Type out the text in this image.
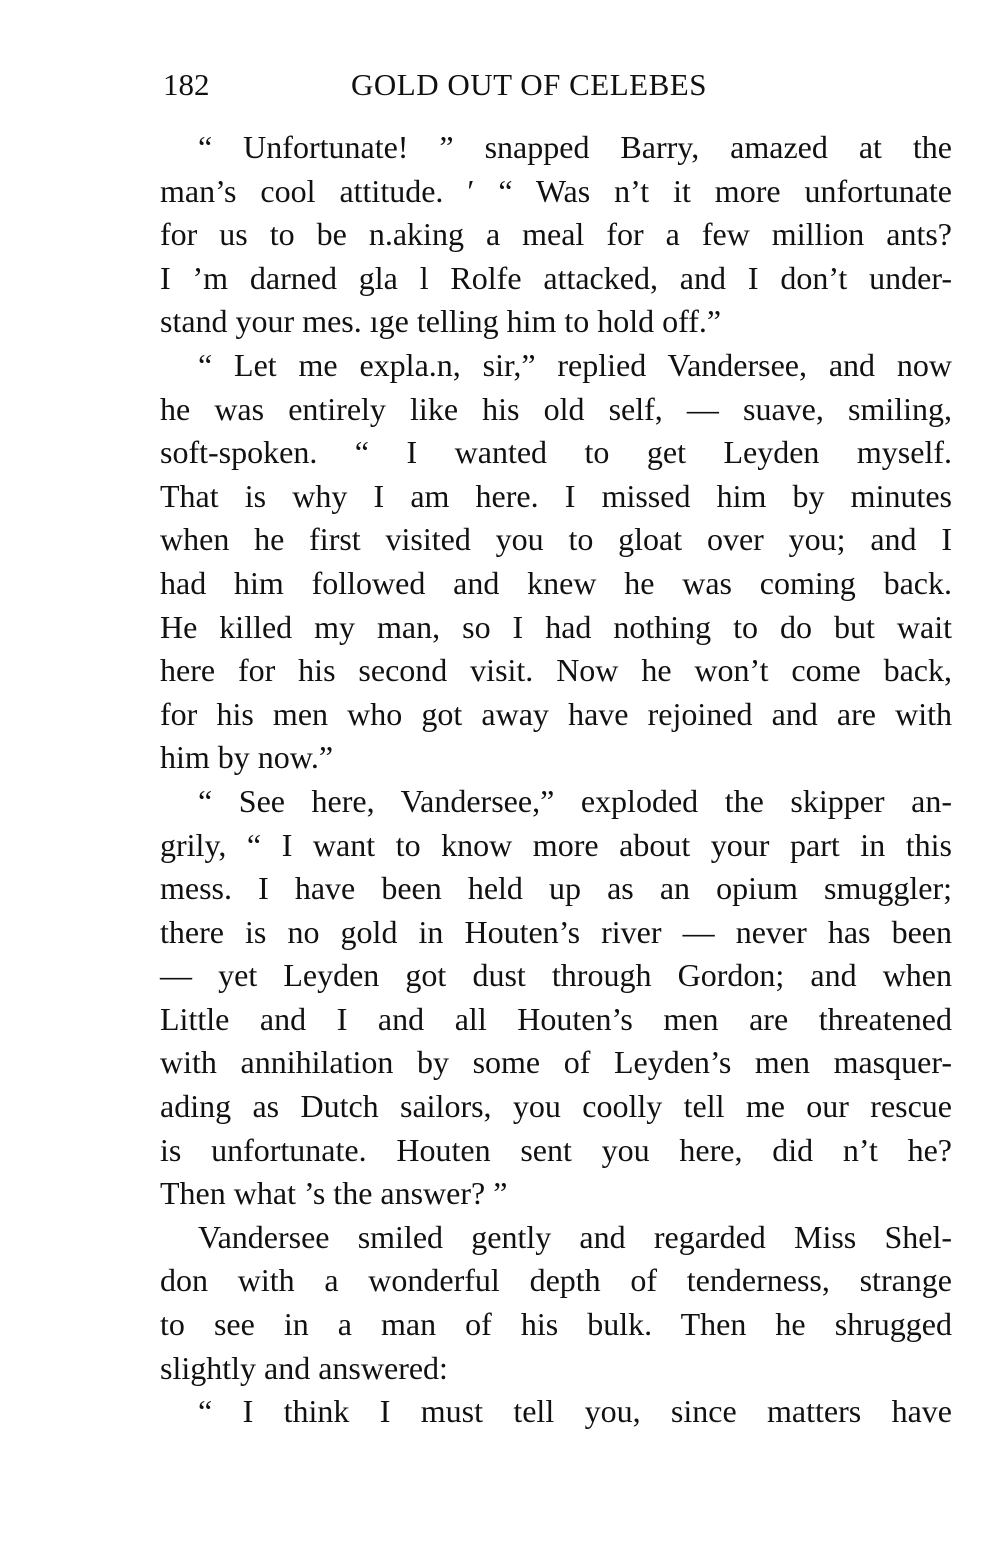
182	GOLD OUT OF CELEBES

“ Unfortunate! ” snapped Barry, amazed at the
man’s cool attitude. ′ “ Was n’t it more unfortunate
for us to be n.aking a meal for a few million ants?
I ’m darned gla l Rolfe attacked, and I don’t under-
stand your mes. ıge telling him to hold off.”

“ Let me expla.n, sir,” replied Vandersee, and now
he was entirely like his old self, — suave, smiling,
soft-spoken. “ I wanted to get Leyden myself.
That is why I am here. I missed him by minutes
when he first visited you to gloat over you; and I
had him followed and knew he was coming back.
He killed my man, so I had nothing to do but wait
here for his second visit. Now he won’t come back,
for his men who got away have rejoined and are with
him by now.”

“ See here, Vandersee,” exploded the skipper an-
grily, “ I want to know more about your part in this
mess. I have been held up as an opium smuggler;
there is no gold in Houten’s river — never has been
— yet Leyden got dust through Gordon; and when
Little and I and all Houten’s men are threatened
with annihilation by some of Leyden’s men masquer-
ading as Dutch sailors, you coolly tell me our rescue
is unfortunate. Houten sent you here, did n’t he?
Then what ’s the answer? ”

Vandersee smiled gently and regarded Miss Shel-
don with a wonderful depth of tenderness, strange
to see in a man of his bulk. Then he shrugged
slightly and answered:

“ I think I must tell you, since matters have
